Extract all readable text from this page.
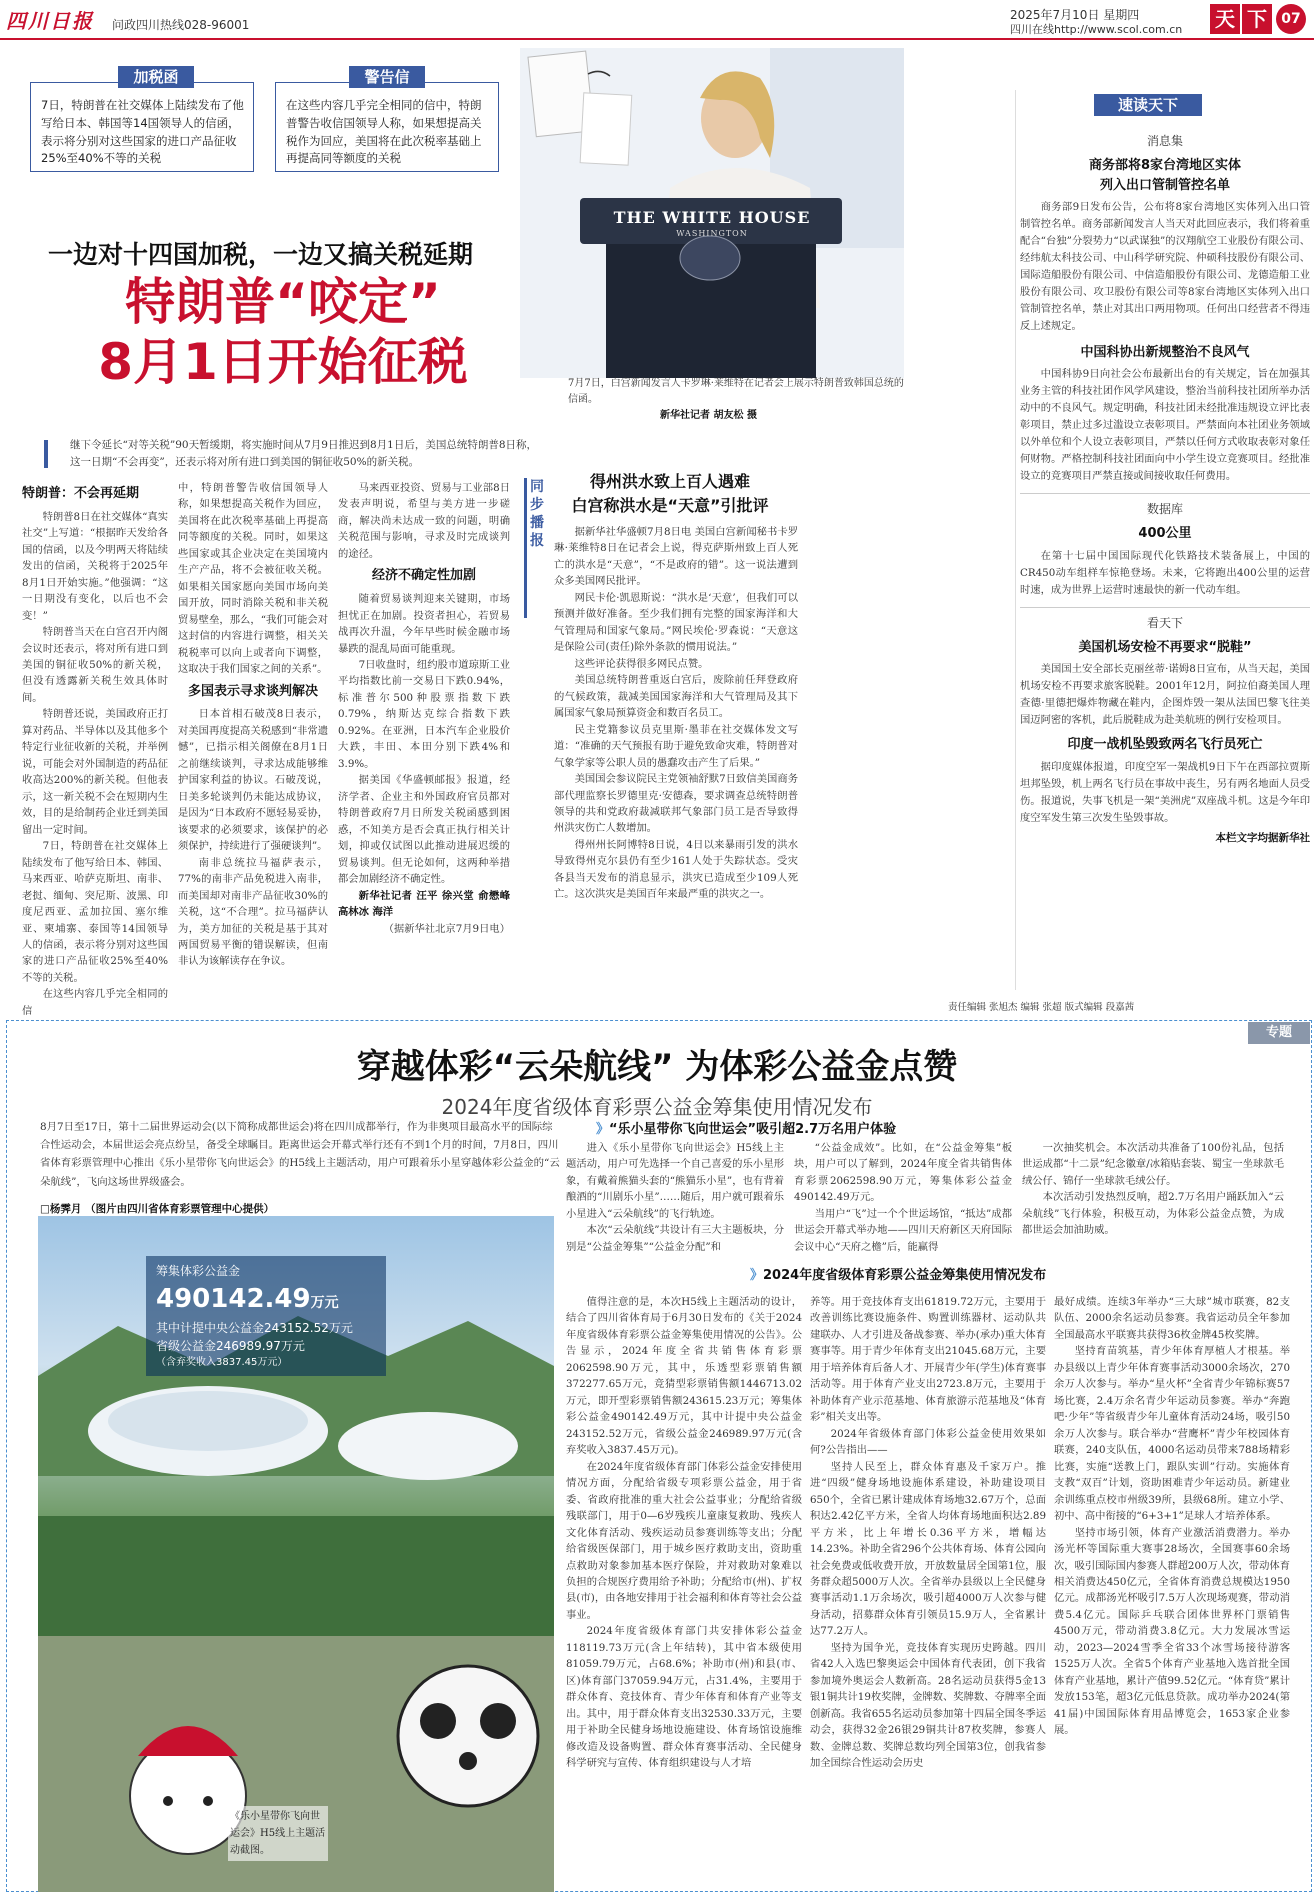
四川日报 问政四川热线028-96001
2025年7月10日 星期四
四川在线http://www.scol.com.cn 天 下	07
加税函
7日，特朗普在社交媒体上陆续发布了他写给日本、韩国等14国领导人的信函，表示将分别对这些国家的进口产品征收25%至40%不等的关税
警告信
在这些内容几乎完全相同的信中，特朗普警告收信国领导人称，如果想提高关税作为回应，美国将在此次税率基础上再提高同等额度的关税
一边对十四国加税，一边又搞关税延期
特朗普“咬定”
8月1日开始征税
继下令延长“对等关税”90天暂缓期，将实施时间从7月9日推迟到8月1日后，美国总统特朗普8日称，这一日期“不会再变”，还表示将对所有进口到美国的铜征收50%的新关税。
特朗普：不会再延期

特朗普8日在社交媒体“真实社交”上写道：“根据昨天发给各国的信函，以及今明两天将陆续发出的信函，关税将于2025年8月1日开始实施。”他强调：“这一日期没有变化，以后也不会变！”

特朗普当天在白宫召开内阁会议时还表示，将对所有进口到美国的铜征收50%的新关税，但没有透露新关税生效具体时间。

特朗普还说，美国政府正打算对药品、半导体以及其他多个特定行业征收新的关税，并举例说，可能会对外国制造的药品征收高达200%的新关税。但他表示，这一新关税不会在短期内生效，目的是给制药企业迁到美国留出一定时间。

7日，特朗普在社交媒体上陆续发布了他写给日本、韩国、马来西亚、哈萨克斯坦、南非、老挝、缅甸、突尼斯、波黑、印度尼西亚、孟加拉国、塞尔维亚、柬埔寨、泰国等14国领导人的信函，表示将分别对这些国家的进口产品征收25%至40%不等的关税。

在这些内容几乎完全相同的信

中，特朗普警告收信国领导人称，如果想提高关税作为回应，美国将在此次税率基础上再提高同等额度的关税。同时，如果这些国家或其企业决定在美国境内生产产品，将不会被征收关税。如果相关国家愿向美国市场向美国开放，同时消除关税和非关税贸易壁垒，那么，“我们可能会对这封信的内容进行调整，相关关税税率可以向上或者向下调整，这取决于我们国家之间的关系”。

多国表示寻求谈判解决

日本首相石破茂8日表示，对美国再度提高关税感到“非常遗憾”，已指示相关阁僚在8月1日之前继续谈判，寻求达成能够维护国家利益的协议。石破茂说，日美多轮谈判仍未能达成协议，是因为“日本政府不愿轻易妥协，该要求的必须要求，该保护的必须保护，持续进行了强硬谈判”。

南非总统拉马福萨表示，77%的南非产品免税进入南非，而美国却对南非产品征收30%的关税，这“不合理”。拉马福萨认为，美方加征的关税是基于其对两国贸易平衡的错误解读，但南非认为该解读存在争议。

马来西亚投资、贸易与工业部8日发表声明说，希望与美方进一步磋商，解决尚未达成一致的问题，明确关税范围与影响，寻求及时完成谈判的途径。

经济不确定性加剧

随着贸易谈判迎来关键期，市场担忧正在加剧。投资者担心，若贸易战再次升温，今年早些时候金融市场暴跌的混乱局面可能重现。

7日收盘时，纽约股市道琼斯工业平均指数比前一交易日下跌0.94%，标准普尔500种股票指数下跌0.79%，纳斯达克综合指数下跌0.92%。在亚洲，日本汽车企业股价大跌，丰田、本田分别下跌4%和3.9%。

据美国《华盛顿邮报》报道，经济学者、企业主和外国政府官员都对特朗普政府7月日所发关税函感到困惑，不知美方是否会真正执行相关计划，抑或仅试图以此推动进展迟缓的贸易谈判。但无论如何，这两种举措都会加剧经济不确定性。

新华社记者 汪平 徐兴堂 俞懋峰 高林冰 海洋

（据新华社北京7月9日电）

THE WHITE HOUSE
WASHINGTON
7月7日，白宫新闻发言人卡罗琳·莱维特在记者会上展示特朗普致韩国总统的信函。
新华社记者 胡友松 摄
同步播报
得州洪水致上百人遇难
白宫称洪水是“天意”引批评

据新华社华盛顿7月8日电 美国白宫新闻秘书卡罗琳·莱维特8日在记者会上说，得克萨斯州致上百人死亡的洪水是“天意”，“不是政府的错”。这一说法遭到众多美国网民批评。

网民卡伦·凯恩斯说：“洪水是‘天意’，但我们可以预测并做好准备。至少我们拥有完整的国家海洋和大气管理局和国家气象局。”网民埃伦·罗森说：“天意这是保险公司(责任)除外条款的惯用说法。”

这些评论获得很多网民点赞。

美国总统特朗普重返白宫后，废除前任拜登政府的气候政策，裁减美国国家海洋和大气管理局及其下属国家气象局预算资金和数百名员工。

民主党籍参议员克里斯·墨菲在社交媒体发文写道：“准确的天气预报有助于避免致命灾难，特朗普对气象学家等公职人员的愚蠢攻击产生了后果。”

美国国会参议院民主党领袖舒默7日致信美国商务部代理监察长罗德里克·安德森，要求调查总统特朗普领导的共和党政府裁减联邦气象部门员工是否导致得州洪灾伤亡人数增加。

得州州长阿博特8日说，4日以来暴雨引发的洪水导致得州克尔县仍有至少161人处于失踪状态。受灾各县当天发布的消息显示，洪灾已造成至少109人死亡。这次洪灾是美国百年来最严重的洪灾之一。

速读天下
消息集
商务部将8家台湾地区实体
列入出口管制管控名单

商务部9日发布公告，公布将8家台湾地区实体列入出口管制管控名单。商务部新闻发言人当天对此回应表示，我们将着重配合“台独”分裂势力“以武谋独”的汉翔航空工业股份有限公司、经纬航太科技公司、中山科学研究院、仲硕科技股份有限公司、国际造船股份有限公司、中信造船股份有限公司、龙德造船工业股份有限公司、攻卫股份有限公司等8家台湾地区实体列入出口管制管控名单，禁止对其出口两用物项。任何出口经营者不得违反上述规定。

中国科协出新规整治不良风气

中国科协9日向社会公布最新出台的有关规定，旨在加强其业务主管的科技社团作风学风建设，整治当前科技社团所举办活动中的不良风气。规定明确，科技社团未经批准违规设立评比表彰项目，禁止过多过滥设立表彰项目。严禁面向本社团业务领域以外单位和个人设立表彰项目，严禁以任何方式收取表彰对象任何财物。严格控制科技社团面向中小学生设立竞赛项目。经批准设立的竞赛项目严禁直接或间接收取任何费用。

数据库
400公里

在第十七届中国国际现代化铁路技术装备展上，中国的CR450动车组样车惊艳登场。未来，它将跑出400公里的运营时速，成为世界上运营时速最快的新一代动车组。

看天下
美国机场安检不再要求“脱鞋”

美国国土安全部长克丽丝蒂·诺姆8日宣布，从当天起，美国机场安检不再要求旅客脱鞋。2001年12月，阿拉伯裔美国人理查德·里德把爆炸物藏在鞋内，企图炸毁一架从法国巴黎飞往美国迈阿密的客机，此后脱鞋成为赴美航班的例行安检项目。

印度一战机坠毁致两名飞行员死亡

据印度媒体报道，印度空军一架战机9日下午在西部拉贾斯坦邦坠毁，机上两名飞行员在事故中丧生，另有两名地面人员受伤。报道说，失事飞机是一架“美洲虎”双座战斗机。这是今年印度空军发生第三次发生坠毁事故。

本栏文字均据新华社
责任编辑 张旭杰 编辑 张超 版式编辑 段嘉茜
专题
穿越体彩“云朵航线” 为体彩公益金点赞
2024年度省级体育彩票公益金筹集使用情况发布
8月7日至17日，第十二届世界运动会(以下简称成都世运会)将在四川成都举行，作为非奥项目最高水平的国际综合性运动会，本届世运会亮点纷呈，备受全球瞩目。距离世运会开幕式举行还有不到1个月的时间，7月8日，四川省体育彩票管理中心推出《乐小星带你飞向世运会》的H5线上主题活动，用户可跟着乐小星穿越体彩公益金的“云朵航线”，飞向这场世界级盛会。
□杨霁月 （图片由四川省体育彩票管理中心提供）
筹集体彩公益金
490142.49万元
其中计提中央公益金243152.52万元
省级公益金246989.97万元
（含弃奖收入3837.45万元）
《乐小星带你飞向世运会》H5线上主题活动截图。
》“乐小星带你飞向世运会”吸引超2.7万名用户体验

进入《乐小星带你飞向世运会》H5线上主题活动，用户可先选择一个自己喜爱的乐小星形象，有戴着熊猫头套的“熊猫乐小星”，也有背着酿酒的“川剧乐小星”……随后，用户就可跟着乐小星进入“云朵航线”的飞行轨迹。

本次“云朵航线”共设计有三大主题板块，分别是“公益金筹集”“公益金分配”和

“公益金成效”。比如，在“公益金筹集”板块，用户可以了解到，2024年度全省共销售体育彩票2062598.90万元，筹集体彩公益金490142.49万元。

当用户“飞”过一个个世运场馆，“抵达”成都世运会开幕式举办地——四川天府新区天府国际会议中心“天府之檐”后，能赢得

一次抽奖机会。本次活动共准备了100份礼品，包括世运成都“十二景”纪念徽章/冰箱贴套装、蜀宝一坐球款毛绒公仔、锦仔一坐球款毛绒公仔。

本次活动引发热烈反响，超2.7万名用户踊跃加入“云朵航线”飞行体验，积极互动，为体彩公益金点赞，为成都世运会加油助威。

》2024年度省级体育彩票公益金筹集使用情况发布

值得注意的是，本次H5线上主题活动的设计，结合了四川省体育局于6月30日发布的《关于2024年度省级体育彩票公益金筹集使用情况的公告》。公告显示，2024年度全省共销售体育彩票2062598.90万元，其中，乐透型彩票销售额372277.65万元，竞猜型彩票销售额1446713.02万元，即开型彩票销售额243615.23万元；筹集体彩公益金490142.49万元，其中计提中央公益金243152.52万元，省级公益金246989.97万元(含弃奖收入3837.45万元)。

在2024年度省级体育部门体彩公益金安排使用情况方面，分配给省级专项彩票公益金，用于省委、省政府批准的重大社会公益事业；分配给省级残联部门，用于0—6岁残疾儿童康复救助、残疾人文化体育活动、残疾运动员参赛训练等支出；分配给省级医保部门，用于城乡医疗救助支出，资助重点救助对象参加基本医疗保险，并对救助对象难以负担的合规医疗费用给予补助；分配给市(州)、扩权县(市)，由各地安排用于社会福利和体育等社会公益事业。

2024年度省级体育部门共安排体彩公益金118119.73万元(含上年结转)，其中省本级使用81059.79万元，占68.6%；补助市(州)和县(市、区)体育部门37059.94万元，占31.4%，主要用于群众体育、竞技体育、青少年体育和体育产业等支出。其中，用于群众体育支出32530.33万元，主要用于补助全民健身场地设施建设、体育场馆设施维修改造及设备购置、群众体育赛事活动、全民健身科学研究与宣传、体育组织建设与人才培

养等。用于竞技体育支出61819.72万元，主要用于改善训练比赛设施条件、购置训练器材、运动队共建联办、人才引进及备战参赛、举办(承办)重大体育赛事等。用于青少年体育支出21045.68万元，主要用于培养体育后备人才、开展青少年(学生)体育赛事活动等。用于体育产业支出2723.8万元，主要用于补助体育产业示范基地、体育旅游示范基地及“体育彩”相关支出等。

2024年省级体育部门体彩公益金使用效果如何?公告指出——

坚持人民至上，群众体育惠及千家万户。推进“四级”健身场地设施体系建设，补助建设项目650个，全省已累计建成体育场地32.67万个，总面积达2.42亿平方米，全省人均体育场地面积达2.89平方米，比上年增长0.36平方米，增幅达14.23%。补助全省296个公共体育场、体育公园向社会免费或低收费开放，开放数量居全国第1位，服务群众超5000万人次。全省举办县级以上全民健身赛事活动1.1万余场次，吸引超4000万人次参与健身活动，招募群众体育引领员15.9万人，全省累计达77.2万人。

坚持为国争光，竞技体育实现历史跨越。四川省42人入选巴黎奥运会中国体育代表团，创下我省参加境外奥运会人数新高。28名运动员获得5金13银1铜共计19枚奖牌，金牌数、奖牌数、夺牌率全面创新高。我省655名运动员参加第十四届全国冬季运动会，获得32金26银29铜共计87枚奖牌，参赛人数、金牌总数、奖牌总数均列全国第3位，创我省参加全国综合性运动会历史

最好成绩。连续3年举办“三大球”城市联赛，82支队伍、2000余名运动员参赛。我省运动员全年参加全国最高水平联赛共获得36枚金牌45枚奖牌。

坚持育苗筑基，青少年体育厚植人才根基。举办县级以上青少年体育赛事活动3000余场次，270余万人次参与。举办“星火杯”全省青少年锦标赛57场比赛，2.4万余名青少年运动员参赛。举办“奔跑吧·少年”等省级青少年儿童体育活动24场，吸引50余万人次参与。联合举办“营鹰杯”青少年校园体育联赛，240支队伍，4000名运动员带来788场精彩比赛，实施“送教上门，跟队实训”行动。实施体育支教“双百”计划，资助困难青少年运动员。新建业余训练重点校市州级39所，县级68所。建立小学、初中、高中衔接的“6+3+1”足球人才培养体系。

坚持市场引领，体育产业激活消费潜力。举办汤光杯等国际重大赛事28场次，全国赛事60余场次，吸引国际国内参赛人群超200万人次，带动体育相关消费达450亿元，全省体育消费总规模达1950亿元。成都汤光杯吸引7.5万人次现场观赛，带动消费5.4亿元。国际乒乓联合团体世界杯门票销售4500万元，带动消费3.8亿元。大力发展冰雪运动，2023—2024雪季全省33个冰雪场接待游客1525万人次。全省5个体育产业基地入选首批全国体育产业基地，累计产值99.52亿元。“体育贷”累计发放153笔，超3亿元低息贷款。成功举办2024(第41届)中国国际体育用品博览会，1653家企业参展。
